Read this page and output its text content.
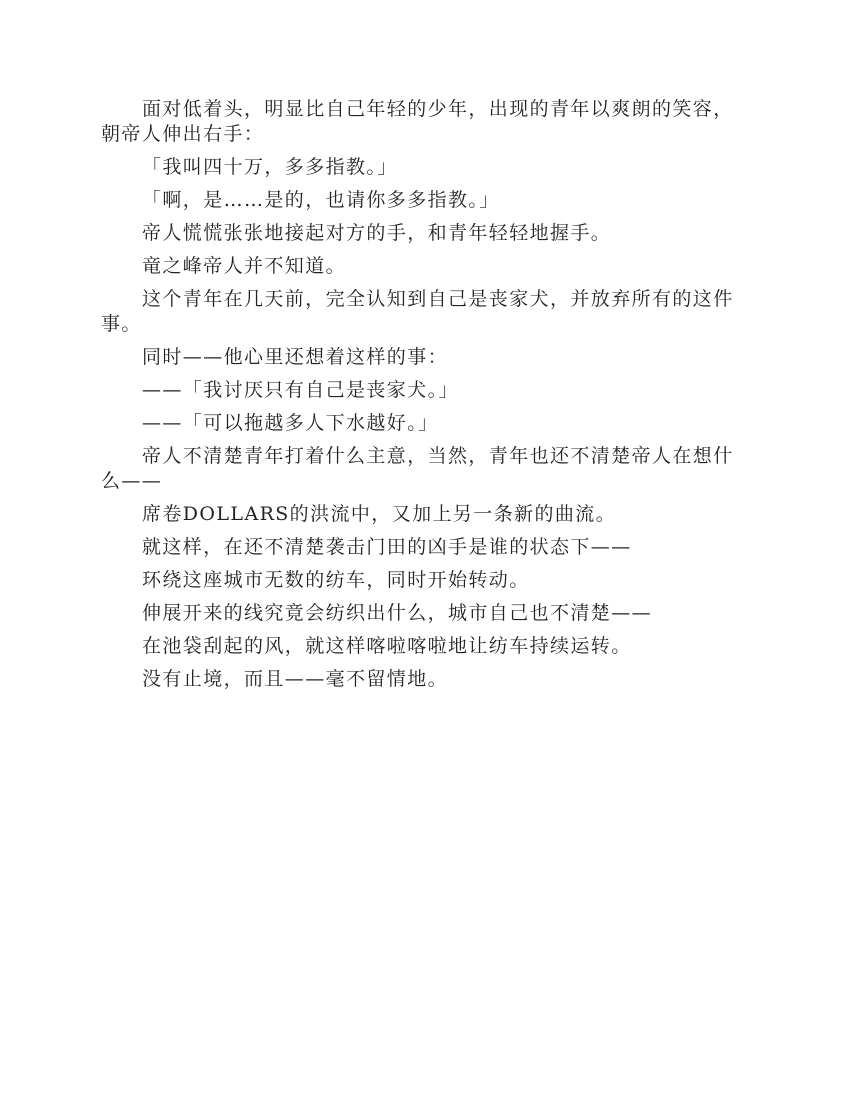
面对低着头，明显比自己年轻的少年，出现的青年以爽朗的笑容，朝帝人伸出右手：

「我叫四十万，多多指教。」

「啊，是……是的，也请你多多指教。」

帝人慌慌张张地接起对方的手，和青年轻轻地握手。

竜之峰帝人并不知道。

这个青年在几天前，完全认知到自己是丧家犬，并放弃所有的这件事。

同时——他心里还想着这样的事：

——「我讨厌只有自己是丧家犬。」

——「可以拖越多人下水越好。」

帝人不清楚青年打着什么主意，当然，青年也还不清楚帝人在想什么——

席卷DOLLARS的洪流中，又加上另一条新的曲流。

就这样，在还不清楚袭击门田的凶手是谁的状态下——

环绕这座城市无数的纺车，同时开始转动。

伸展开来的线究竟会纺织出什么，城市自己也不清楚——

在池袋刮起的风，就这样喀啦喀啦地让纺车持续运转。

没有止境，而且——毫不留情地。
